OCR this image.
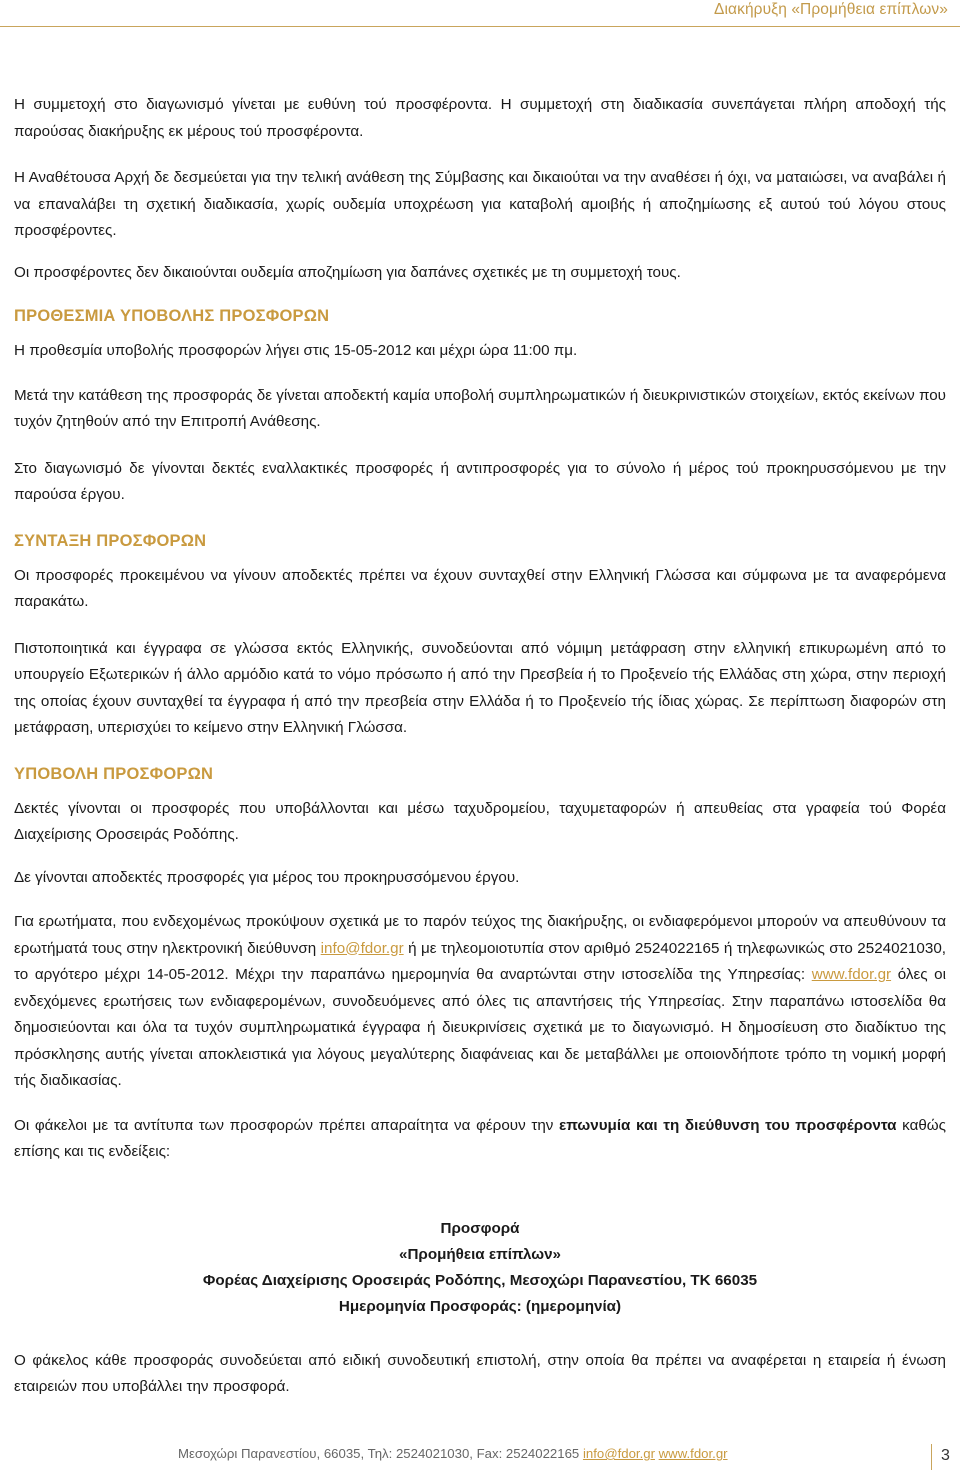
Διακήρυξη «Προμήθεια επίπλων»

Η συμμετοχή στο διαγωνισμό γίνεται με ευθύνη τού προσφέροντα. Η συμμετοχή στη διαδικασία συνεπάγεται πλήρη αποδοχή τής παρούσας διακήρυξης εκ μέρους τού προσφέροντα.

Η Αναθέτουσα Αρχή δε δεσμεύεται για την τελική ανάθεση της Σύμβασης και δικαιούται να την αναθέσει ή όχι, να ματαιώσει, να αναβάλει ή να επαναλάβει τη σχετική διαδικασία, χωρίς ουδεμία υποχρέωση για καταβολή αμοιβής ή αποζημίωσης εξ αυτού τού λόγου στους προσφέροντες.

Οι προσφέροντες δεν δικαιούνται ουδεμία αποζημίωση για δαπάνες σχετικές με τη συμμετοχή τους.

ΠΡΟΘΕΣΜΙΑ ΥΠΟΒΟΛΗΣ ΠΡΟΣΦΟΡΩΝ

Η προθεσμία υποβολής προσφορών λήγει στις 15-05-2012 και μέχρι ώρα 11:00 πμ.

Μετά την κατάθεση της προσφοράς δε γίνεται αποδεκτή καμία υποβολή συμπληρωματικών ή διευκρινιστικών στοιχείων, εκτός εκείνων που τυχόν ζητηθούν από την Επιτροπή Ανάθεσης.

Στο διαγωνισμό δε γίνονται δεκτές εναλλακτικές προσφορές ή αντιπροσφορές για το σύνολο ή μέρος τού προκηρυσσόμενου με την παρούσα έργου.

ΣΥΝΤΑΞΗ ΠΡΟΣΦΟΡΩΝ

Οι προσφορές προκειμένου να γίνουν αποδεκτές πρέπει να έχουν συνταχθεί στην Ελληνική Γλώσσα και σύμφωνα με τα αναφερόμενα παρακάτω.

Πιστοποιητικά και έγγραφα σε γλώσσα εκτός Ελληνικής, συνοδεύονται από νόμιμη μετάφραση στην ελληνική επικυρωμένη από το υπουργείο Εξωτερικών ή άλλο αρμόδιο κατά το νόμο πρόσωπο ή από την Πρεσβεία ή το Προξενείο τής Ελλάδας στη χώρα, στην περιοχή της οποίας έχουν συνταχθεί τα έγγραφα ή από την πρεσβεία στην Ελλάδα ή το Προξενείο τής ίδιας χώρας. Σε περίπτωση διαφορών στη μετάφραση, υπερισχύει το κείμενο στην Ελληνική Γλώσσα.

ΥΠΟΒΟΛΗ ΠΡΟΣΦΟΡΩΝ

Δεκτές γίνονται οι προσφορές που υποβάλλονται και μέσω ταχυδρομείου, ταχυμεταφορών ή απευθείας στα γραφεία τού Φορέα Διαχείρισης Οροσειράς Ροδόπης.

Δε γίνονται αποδεκτές προσφορές για μέρος του προκηρυσσόμενου έργου.

Για ερωτήματα, που ενδεχομένως προκύψουν σχετικά με το παρόν τεύχος της διακήρυξης, οι ενδιαφερόμενοι μπορούν να απευθύνουν τα ερωτήματά τους στην ηλεκτρονική διεύθυνση info@fdor.gr ή με τηλεομοιοτυπία στον αριθμό 2524022165 ή τηλεφωνικώς στο 2524021030, το αργότερο μέχρι 14-05-2012. Μέχρι την παραπάνω ημερομηνία θα αναρτώνται στην ιστοσελίδα της Υπηρεσίας: www.fdor.gr όλες οι ενδεχόμενες ερωτήσεις των ενδιαφερομένων, συνοδευόμενες από όλες τις απαντήσεις τής Υπηρεσίας. Στην παραπάνω ιστοσελίδα θα δημοσιεύονται και όλα τα τυχόν συμπληρωματικά έγγραφα ή διευκρινίσεις σχετικά με το διαγωνισμό. Η δημοσίευση στο διαδίκτυο της πρόσκλησης αυτής γίνεται αποκλειστικά για λόγους μεγαλύτερης διαφάνειας και δε μεταβάλλει με οποιονδήποτε τρόπο τη νομική μορφή τής διαδικασίας.

Οι φάκελοι με τα αντίτυπα των προσφορών πρέπει απαραίτητα να φέρουν την επωνυμία και τη διεύθυνση του προσφέροντα καθώς επίσης και τις ενδείξεις:

Προσφορά
«Προμήθεια επίπλων»
Φορέας Διαχείρισης Οροσειράς Ροδόπης, Μεσοχώρι Παρανεστίου, ΤΚ 66035
Ημερομηνία Προσφοράς: (ημερομηνία)

Ο φάκελος κάθε προσφοράς συνοδεύεται από ειδική συνοδευτική επιστολή, στην οποία θα πρέπει να αναφέρεται η εταιρεία ή ένωση εταιρειών που υποβάλλει την προσφορά.

Μεσοχώρι Παρανεστίου, 66035, Τηλ: 2524021030, Fax: 2524022165 info@fdor.gr www.fdor.gr	3
